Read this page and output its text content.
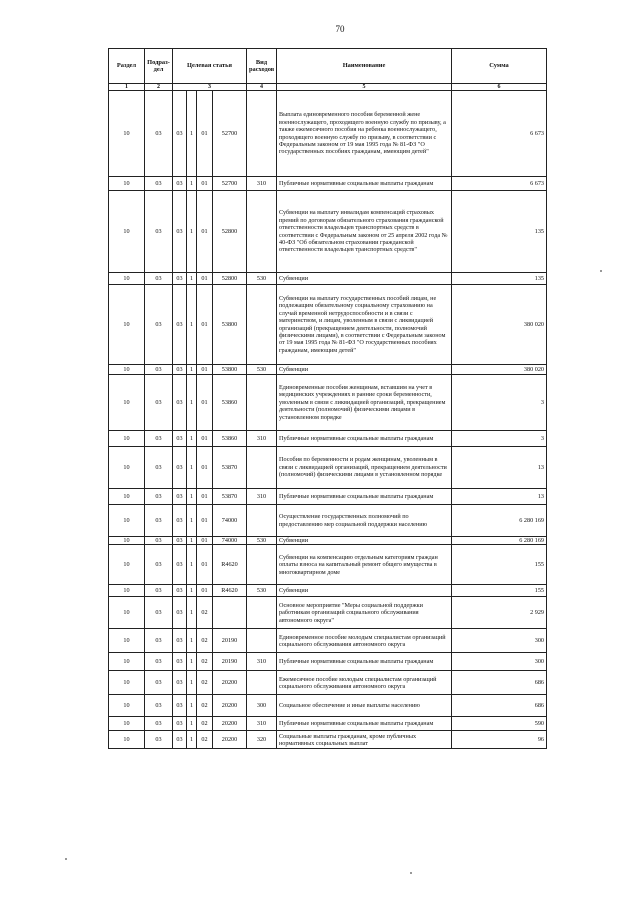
70
Раздел	Подраз-дел	Целевая статья				Вид расходов	Наименование	Сумма
1	2	3				4	5	6
10	03	03	1	01	52700		Выплата единовременного пособия беременной жене военнослужащего, проходящего военную службу по призыву, а также ежемесячного пособия на ребенка военнослужащего, проходящего военную службу по призыву, в соответствии с Федеральным законом от 19 мая 1995 года № 81-ФЗ "О государственных пособиях гражданам, имеющим детей"	6 673
10	03	03	1	01	52700	310	Публичные нормативные социальные выплаты гражданам	6 673
10	03	03	1	01	52800		Субвенции на выплату инвалидам компенсаций страховых премий по договорам обязательного страхования гражданской ответственности владельцев транспортных средств в соответствии с Федеральным законом от 25 апреля 2002 года № 40-ФЗ "Об обязательном страховании гражданской ответственности владельцев транспортных средств"	135
10	03	03	1	01	52800	530	Субвенции	135
10	03	03	1	01	53800		Субвенции на выплату государственных пособий лицам, не подлежащим обязательному социальному страхованию на случай временной нетрудоспособности и в связи с материнством, и лицам, уволенным в связи с ликвидацией организаций (прекращением деятельности, полномочий физическими лицами), в соответствии с Федеральным законом от 19 мая 1995 года № 81-ФЗ "О государственных пособиях гражданам, имеющим детей"	380 020
10	03	03	1	01	53800	530	Субвенции	380 020
10	03	03	1	01	53860		Единовременные пособия женщинам, вставшим на учет в медицинских учреждениях в ранние сроки беременности, уволенным в связи с ликвидацией организаций, прекращением деятельности (полномочий) физическими лицами в установленном порядке	3
10	03	03	1	01	53860	310	Публичные нормативные социальные выплаты гражданам	3
10	03	03	1	01	53870		Пособия по беременности и родам женщинам, уволенным в связи с ликвидацией организаций, прекращением деятельности (полномочий) физическими лицами в установленном порядке	13
10	03	03	1	01	53870	310	Публичные нормативные социальные выплаты гражданам	13
10	03	03	1	01	74000		Осуществление государственных полномочий по предоставлению мер социальной поддержки населению	6 280 169
10	03	03	1	01	74000	530	Субвенции	6 280 169
10	03	03	1	01	R4620		Субвенции на компенсацию отдельным категориям граждан оплаты взноса на капитальный ремонт общего имущества в многоквартирном доме	155
10	03	03	1	01	R4620	530	Субвенции	155
10	03	03	1	02			Основное мероприятие "Меры социальной поддержки работникам организаций социального обслуживания автономного округа"	2 929
10	03	03	1	02	20190		Единовременное пособие молодым специалистам организаций социального обслуживания автономного округа	300
10	03	03	1	02	20190	310	Публичные нормативные социальные выплаты гражданам	300
10	03	03	1	02	20200		Ежемесячное пособие молодым специалистам организаций социального обслуживания автономного округа	686
10	03	03	1	02	20200	300	Социальное обеспечение и иные выплаты населению	686
10	03	03	1	02	20200	310	Публичные нормативные социальные выплаты гражданам	590
10	03	03	1	02	20200	320	Социальные выплаты гражданам, кроме публичных нормативных социальных выплат	96
